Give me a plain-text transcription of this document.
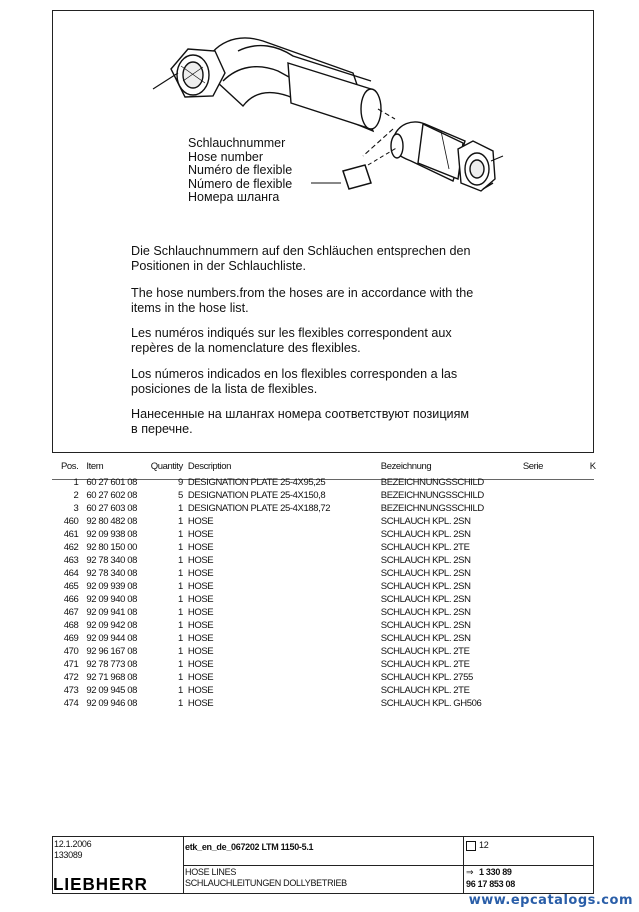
Schlauchnummer
Hose number
Numéro de flexible
Número de flexible
Номера шланга
Die Schlauchnummern auf den Schläuchen entsprechen den
Positionen in der Schlauchliste.
The hose numbers.from the hoses are in accordance with the
items in the hose list.
Les numéros indiqués sur les flexibles correspondent aux
repères de la nomenclature des flexibles.
Los números indicados en los flexibles corresponden a las
posiciones de la lista de flexibles.
Нанесенные на шлангах номера соответствуют позициям
в перечне.
Pos.	Item	Quantity	Description	Bezeichnung	Serie	K
1	60 27 601 08	9	DESIGNATION PLATE 25-4X95,25	BEZEICHNUNGSSCHILD		
2	60 27 602 08	5	DESIGNATION PLATE 25-4X150,8	BEZEICHNUNGSSCHILD		
3	60 27 603 08	1	DESIGNATION PLATE 25-4X188,72	BEZEICHNUNGSSCHILD		
460	92 80 482 08	1	HOSE	SCHLAUCH KPL. 2SN		
461	92 09 938 08	1	HOSE	SCHLAUCH KPL. 2SN		
462	92 80 150 00	1	HOSE	SCHLAUCH KPL. 2TE		
463	92 78 340 08	1	HOSE	SCHLAUCH KPL. 2SN		
464	92 78 340 08	1	HOSE	SCHLAUCH KPL. 2SN		
465	92 09 939 08	1	HOSE	SCHLAUCH KPL. 2SN		
466	92 09 940 08	1	HOSE	SCHLAUCH KPL. 2SN		
467	92 09 941 08	1	HOSE	SCHLAUCH KPL. 2SN		
468	92 09 942 08	1	HOSE	SCHLAUCH KPL. 2SN		
469	92 09 944 08	1	HOSE	SCHLAUCH KPL. 2SN		
470	92 96 167 08	1	HOSE	SCHLAUCH KPL. 2TE		
471	92 78 773 08	1	HOSE	SCHLAUCH KPL. 2TE		
472	92 71 968 08	1	HOSE	SCHLAUCH KPL. 2755		
473	92 09 945 08	1	HOSE	SCHLAUCH KPL. 2TE		
474	92 09 946 08	1	HOSE	SCHLAUCH KPL. GH506		
12.1.2006
133089
LIEBHERR
etk_en_de_067202 LTM 1150-5.1
HOSE LINES
SCHLAUCHLEITUNGEN DOLLYBETRIEB
12
⇒ 1 330 89
96 17 853 08
www.epcatalogs.com
